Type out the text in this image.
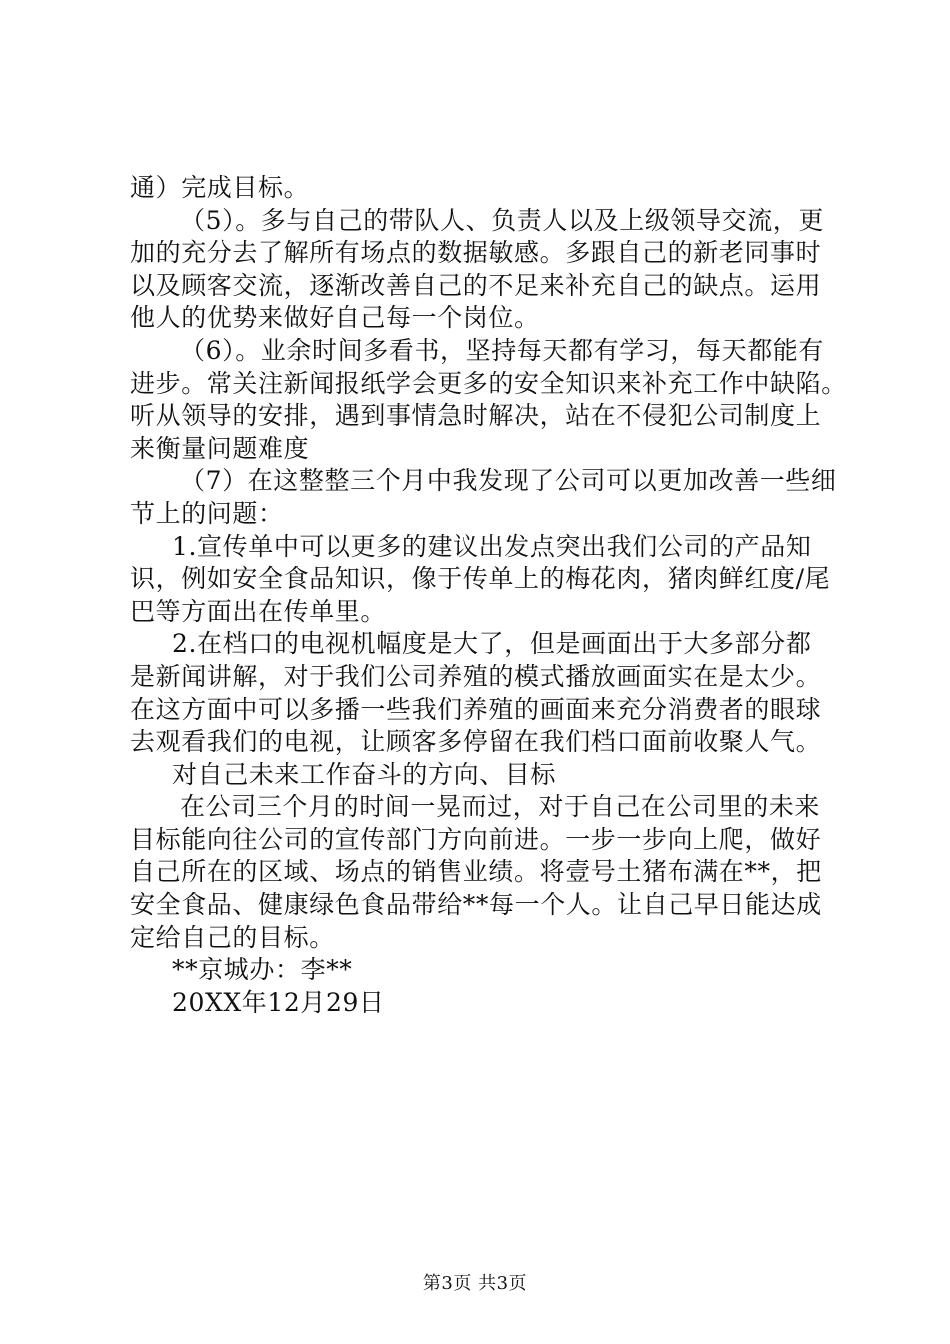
通）完成目标。
（5）。多与自己的带队人、负责人以及上级领导交流，更
加的充分去了解所有场点的数据敏感。多跟自己的新老同事时
以及顾客交流，逐渐改善自己的不足来补充自己的缺点。运用
他人的优势来做好自己每一个岗位。
（6）。业余时间多看书，坚持每天都有学习，每天都能有
进步。常关注新闻报纸学会更多的安全知识来补充工作中缺陷。
听从领导的安排，遇到事情急时解决，站在不侵犯公司制度上
来衡量问题难度
（7）在这整整三个月中我发现了公司可以更加改善一些细
节上的问题：
1.宣传单中可以更多的建议出发点突出我们公司的产品知
识，例如安全食品知识，像于传单上的梅花肉，猪肉鲜红度/尾
巴等方面出在传单里。
2.在档口的电视机幅度是大了，但是画面出于大多部分都
是新闻讲解，对于我们公司养殖的模式播放画面实在是太少。
在这方面中可以多播一些我们养殖的画面来充分消费者的眼球
去观看我们的电视，让顾客多停留在我们档口面前收聚人气。
对自己未来工作奋斗的方向、目标
在公司三个月的时间一晃而过，对于自己在公司里的未来
目标能向往公司的宣传部门方向前进。一步一步向上爬，做好
自己所在的区域、场点的销售业绩。将壹号土猪布满在**，把
安全食品、健康绿色食品带给**每一个人。让自己早日能达成
定给自己的目标。
**京城办：李**
20XX年12月29日
第3页 共3页
